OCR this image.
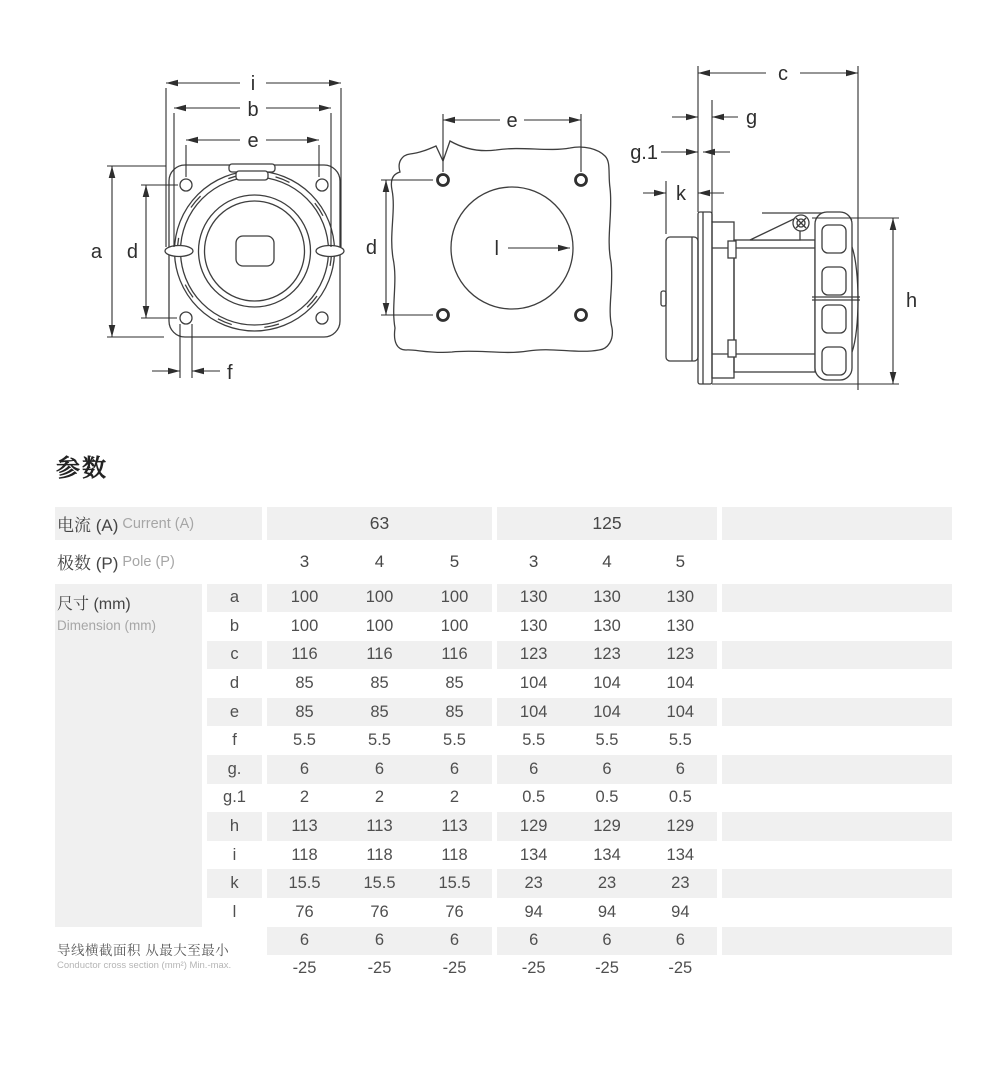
i
b
e
a d
f
e
d	l
c
g
g.1
k
h
参数
电流 (A) Current (A)	63	125
极数 (P) Pole (P)	3	4	5	3	4	5
尺寸 (mm)
Dimension (mm)
a	100	100	100	130	130	130
b	100	100	100	130	130	130
c	116	116	116	123	123	123
d	85	85	85	104	104	104
e	85	85	85	104	104	104
f	5.5	5.5	5.5	5.5	5.5	5.5
g.	6	6	6	6	6	6
g.1	2	2	2	0.5	0.5	0.5
h	113	113	113	129	129	129
i	118	118	118	134	134	134
k	15.5	15.5	15.5	23	23	23
l	76	76	76	94	94	94
导线横截面积 从最大至最小
Conductor cross section (mm²) Min.-max.
6	6	6	6	6	6
-25	-25	-25	-25	-25	-25
